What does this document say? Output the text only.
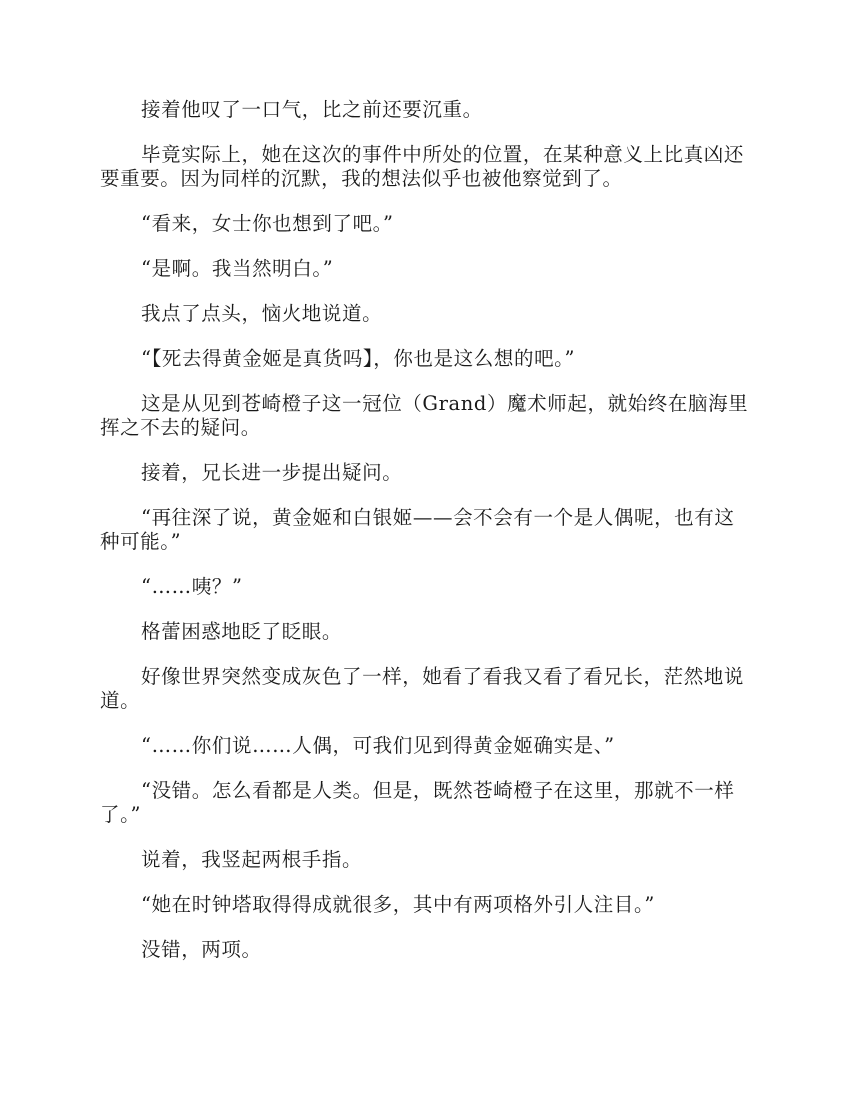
接着他叹了一口气，比之前还要沉重。

毕竟实际上，她在这次的事件中所处的位置，在某种意义上比真凶还要重要。因为同样的沉默，我的想法似乎也被他察觉到了。

“看来，女士你也想到了吧。”

“是啊。我当然明白。”

我点了点头，恼火地说道。

“【死去得黄金姬是真货吗】，你也是这么想的吧。”

这是从见到苍崎橙子这一冠位（Grand）魔术师起，就始终在脑海里挥之不去的疑问。

接着，兄长进一步提出疑问。

“再往深了说，黄金姬和白银姬——会不会有一个是人偶呢，也有这种可能。”

“……咦？”

格蕾困惑地眨了眨眼。

好像世界突然变成灰色了一样，她看了看我又看了看兄长，茫然地说道。

“……你们说……人偶，可我们见到得黄金姬确实是、”

“没错。怎么看都是人类。但是，既然苍崎橙子在这里，那就不一样了。”

说着，我竖起两根手指。

“她在时钟塔取得得成就很多，其中有两项格外引人注目。”

没错，两项。
